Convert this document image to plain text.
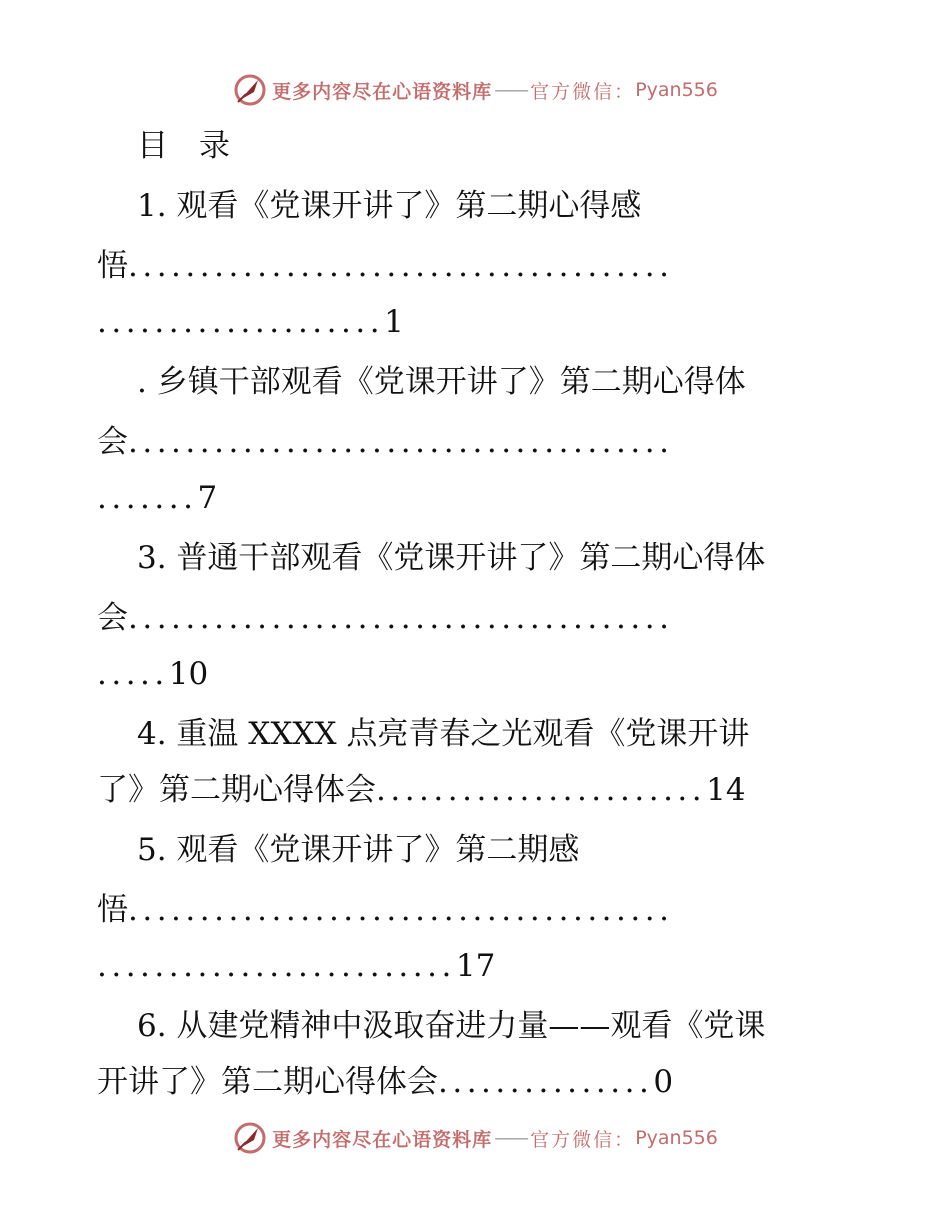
更多内容尽在心语资料库 —— 官方微信： Pyan556
目　录
1. 观看《党课开讲了》第二期心得感
悟......................................
....................1
. 乡镇干部观看《党课开讲了》第二期心得体
会......................................
.......7
3. 普通干部观看《党课开讲了》第二期心得体
会......................................
.....10
4. 重温 XXXX 点亮青春之光观看《党课开讲
了》第二期心得体会.......................14
5. 观看《党课开讲了》第二期感
悟......................................
.........................17
6. 从建党精神中汲取奋进力量——观看《党课
开讲了》第二期心得体会...............0
更多内容尽在心语资料库 —— 官方微信： Pyan556
